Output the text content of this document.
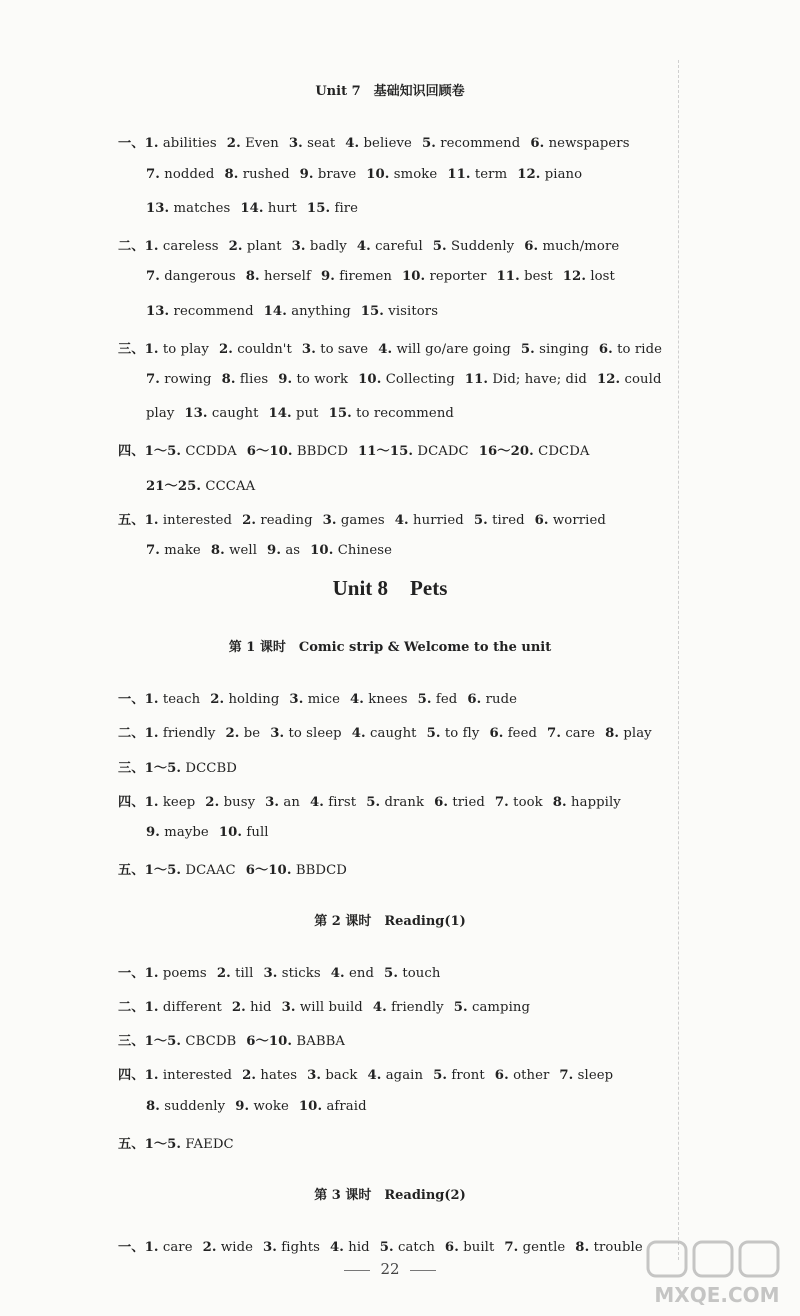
Unit 7　基础知识回顾卷
一、1. abilities 2. Even 3. seat 4. believe 5. recommend 6. newspapers
7. nodded 8. rushed 9. brave 10. smoke 11. term 12. piano
13. matches 14. hurt 15. fire
二、1. careless 2. plant 3. badly 4. careful 5. Suddenly 6. much/more
7. dangerous 8. herself 9. firemen 10. reporter 11. best 12. lost
13. recommend 14. anything 15. visitors
三、1. to play 2. couldn't 3. to save 4. will go/are going 5. singing 6. to ride
7. rowing 8. flies 9. to work 10. Collecting 11. Did; have; did 12. could
play 13. caught 14. put 15. to recommend
四、1～5. CCDDA 6～10. BBDCD 11～15. DCADC 16～20. CDCDA
21～25. CCCAA
五、1. interested 2. reading 3. games 4. hurried 5. tired 6. worried
7. make 8. well 9. as 10. Chinese
Unit 8 Pets
第 1 课时　Comic strip & Welcome to the unit
一、1. teach 2. holding 3. mice 4. knees 5. fed 6. rude
二、1. friendly 2. be 3. to sleep 4. caught 5. to fly 6. feed 7. care 8. play
三、1～5. DCCBD
四、1. keep 2. busy 3. an 4. first 5. drank 6. tried 7. took 8. happily
9. maybe 10. full
五、1～5. DCAAC 6～10. BBDCD
第 2 课时　Reading(1)
一、1. poems 2. till 3. sticks 4. end 5. touch
二、1. different 2. hid 3. will build 4. friendly 5. camping
三、1～5. CBCDB 6～10. BABBA
四、1. interested 2. hates 3. back 4. again 5. front 6. other 7. sleep
8. suddenly 9. woke 10. afraid
五、1～5. FAEDC
第 3 课时　Reading(2)
一、1. care 2. wide 3. fights 4. hid 5. catch 6. built 7. gentle 8. trouble
22
MXQE.COM
